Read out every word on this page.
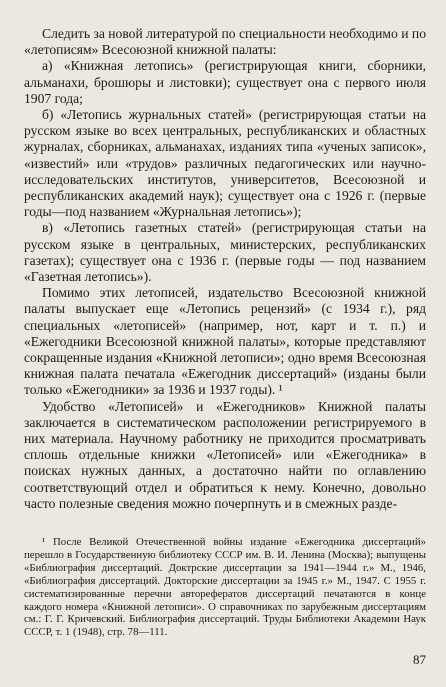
Следить за новой литературой по специальности необходимо и по «летописям» Всесоюзной книжной палаты:

а) «Книжная летопись» (регистрирующая книги, сборники, альманахи, брошюры и листовки); существует она с первого июля 1907 года;

б) «Летопись журнальных статей» (регистрирующая статьи на русском языке во всех центральных, республиканских и областных журналах, сборниках, альманахах, изданиях типа «ученых записок», «известий» или «трудов» различных педагогических или научно-исследовательских институтов, университетов, Всесоюзной и республиканских академий наук); существует она с 1926 г. (первые годы—под названием «Журнальная летопись»);

в) «Летопись газетных статей» (регистрирующая статьи на русском языке в центральных, министерских, республиканских газетах); существует она с 1936 г. (первые годы — под названием «Газетная летопись»).

Помимо этих летописей, издательство Всесоюзной книжной палаты выпускает еще «Летопись рецензий» (с 1934 г.), ряд специальных «летописей» (например, нот, карт и т. п.) и «Ежегодники Всесоюзной книжной палаты», которые представляют сокращенные издания «Книжной летописи»; одно время Всесоюзная книжная палата печатала «Ежегодник диссертаций» (изданы были только «Ежегодники» за 1936 и 1937 годы). ¹

Удобство «Летописей» и «Ежегодников» Книжной палаты заключается в систематическом расположении регистрируемого в них материала. Научному работнику не приходится просматривать сплошь отдельные книжки «Летописей» или «Ежегодника» в поисках нужных данных, а достаточно найти по оглавлению соответствующий отдел и обратиться к нему. Конечно, довольно часто полезные сведения можно почерпнуть и в смежных разде-

¹ После Великой Отечественной войны издание «Ежегодника диссертаций» перешло в Государственную библиотеку СССР им. В. И. Ленина (Москва); выпущены «Библиография диссертаций. Доктрские диссертации за 1941—1944 г.» М., 1946, «Библиография диссертаций. Докторские диссертации за 1945 г.» М., 1947. С 1955 г. систематизированные перечни авторефератов диссертаций печатаются в конце каждого номера «Книжной летописи». О справочниках по зарубежным диссертациям см.: Г. Г. Кричевский. Библиография диссертаций. Труды Библиотеки Академии Наук СССР, т. 1 (1948), стр. 78—111.

87
